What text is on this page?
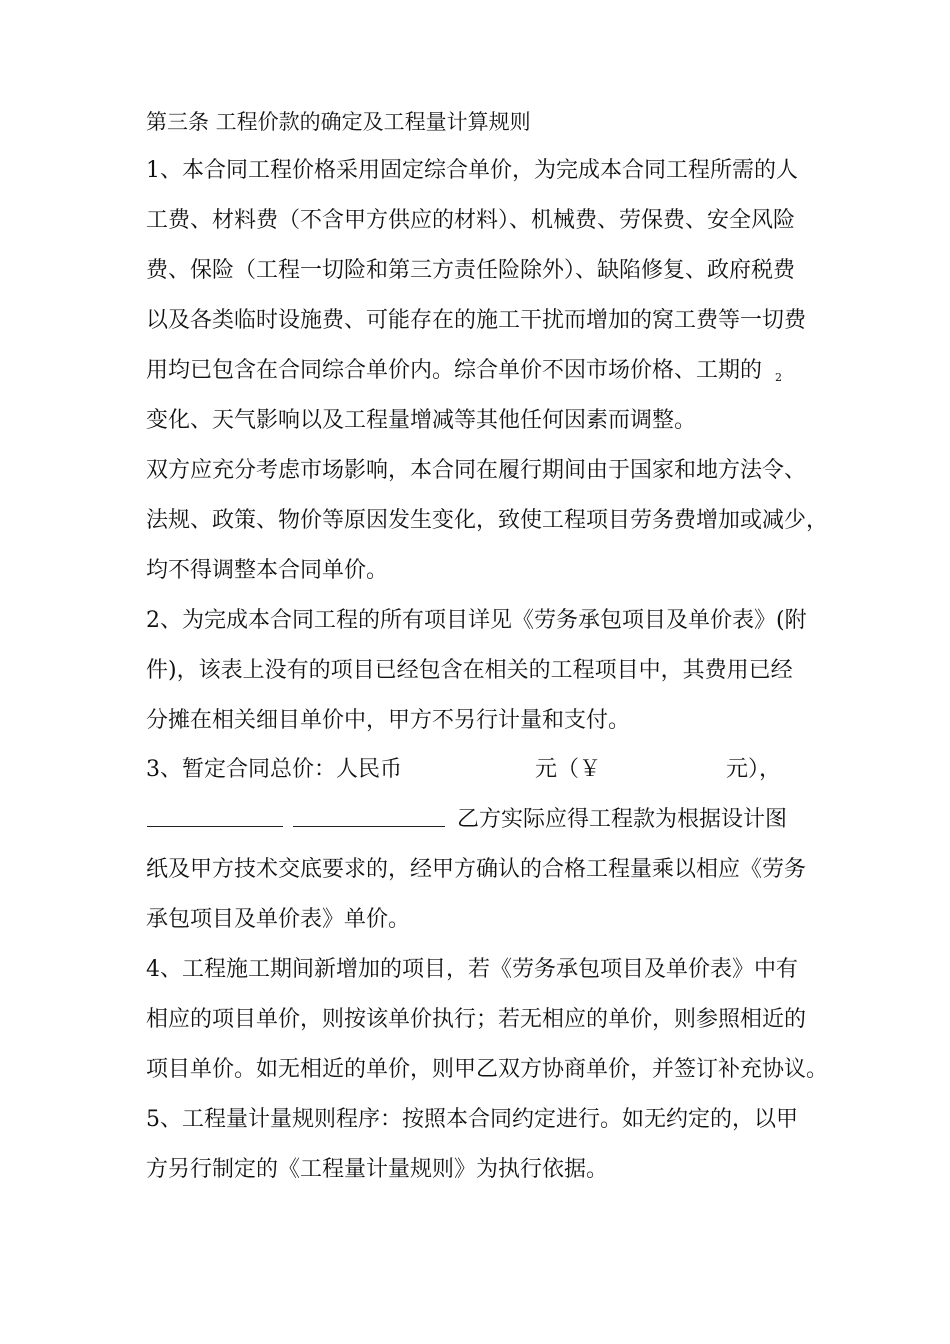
第三条 工程价款的确定及工程量计算规则
1、本合同工程价格采用固定综合单价，为完成本合同工程所需的人
工费、材料费（不含甲方供应的材料）、机械费、劳保费、安全风险
费、保险（工程一切险和第三方责任险除外）、缺陷修复、政府税费
以及各类临时设施费、可能存在的施工干扰而增加的窝工费等一切费
用均已包含在合同综合单价内。综合单价不因市场价格、工期的 2
变化、天气影响以及工程量增减等其他任何因素而调整。
双方应充分考虑市场影响，本合同在履行期间由于国家和地方法令、
法规、政策、物价等原因发生变化，致使工程项目劳务费增加或减少，
均不得调整本合同单价。
2、为完成本合同工程的所有项目详见《劳务承包项目及单价表》(附
件)，该表上没有的项目已经包含在相关的工程项目中，其费用已经
分摊在相关细目单价中，甲方不另行计量和支付。
3、暂定合同总价：人民币	元（￥	元），
乙方实际应得工程款为根据设计图
纸及甲方技术交底要求的，经甲方确认的合格工程量乘以相应《劳务
承包项目及单价表》单价。
4、工程施工期间新增加的项目，若《劳务承包项目及单价表》中有
相应的项目单价，则按该单价执行；若无相应的单价，则参照相近的
项目单价。如无相近的单价，则甲乙双方协商单价，并签订补充协议。
5、工程量计量规则程序：按照本合同约定进行。如无约定的，以甲
方另行制定的《工程量计量规则》为执行依据。
